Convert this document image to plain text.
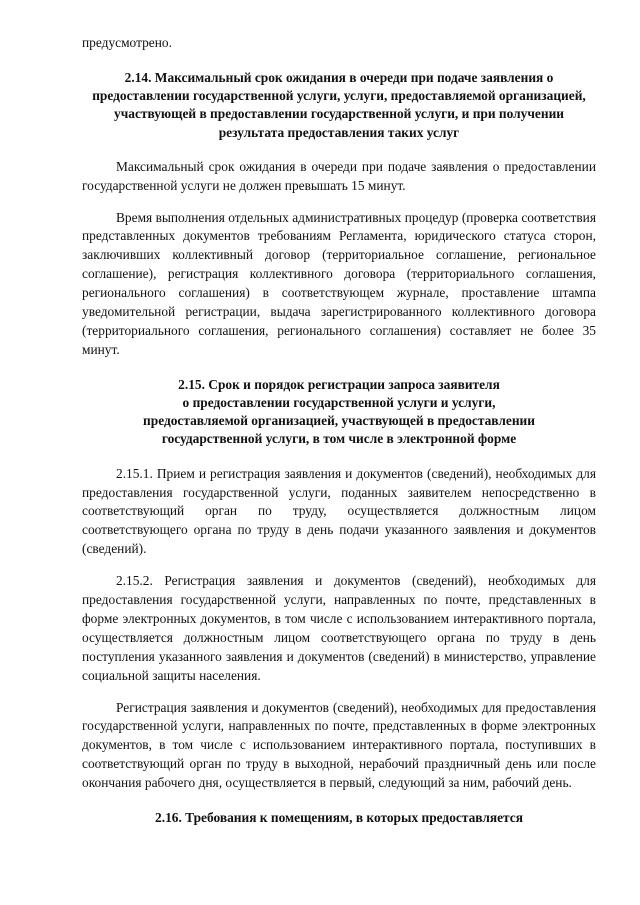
предусмотрено.

2.14. Максимальный срок ожидания в очереди при подаче заявления о предоставлении государственной услуги, услуги, предоставляемой организацией, участвующей в предоставлении государственной услуги, и при получении результата предоставления таких услуг

Максимальный срок ожидания в очереди при подаче заявления о предоставлении государственной услуги не должен превышать 15 минут.

Время выполнения отдельных административных процедур (проверка соответствия представленных документов требованиям Регламента, юридического статуса сторон, заключивших коллективный договор (территориальное соглашение, региональное соглашение), регистрация коллективного договора (территориального соглашения, регионального соглашения) в соответствующем журнале, проставление штампа уведомительной регистрации, выдача зарегистрированного коллективного договора (территориального соглашения, регионального соглашения) составляет не более 35 минут.

2.15. Срок и порядок регистрации запроса заявителя

о предоставлении государственной услуги и услуги,

предоставляемой организацией, участвующей в предоставлении

государственной услуги, в том числе в электронной форме

2.15.1. Прием и регистрация заявления и документов (сведений), необходимых для предоставления государственной услуги, поданных заявителем непосредственно в соответствующий орган по труду, осуществляется должностным лицом соответствующего органа по труду в день подачи указанного заявления и документов (сведений).

2.15.2. Регистрация заявления и документов (сведений), необходимых для предоставления государственной услуги, направленных по почте, представленных в форме электронных документов, в том числе с использованием интерактивного портала, осуществляется должностным лицом соответствующего органа по труду в день поступления указанного заявления и документов (сведений) в министерство, управление социальной защиты населения.

Регистрация заявления и документов (сведений), необходимых для предоставления государственной услуги, направленных по почте, представленных в форме электронных документов, в том числе с использованием интерактивного портала, поступивших в соответствующий орган по труду в выходной, нерабочий праздничный день или после окончания рабочего дня, осуществляется в первый, следующий за ним, рабочий день.

2.16. Требования к помещениям, в которых предоставляется
